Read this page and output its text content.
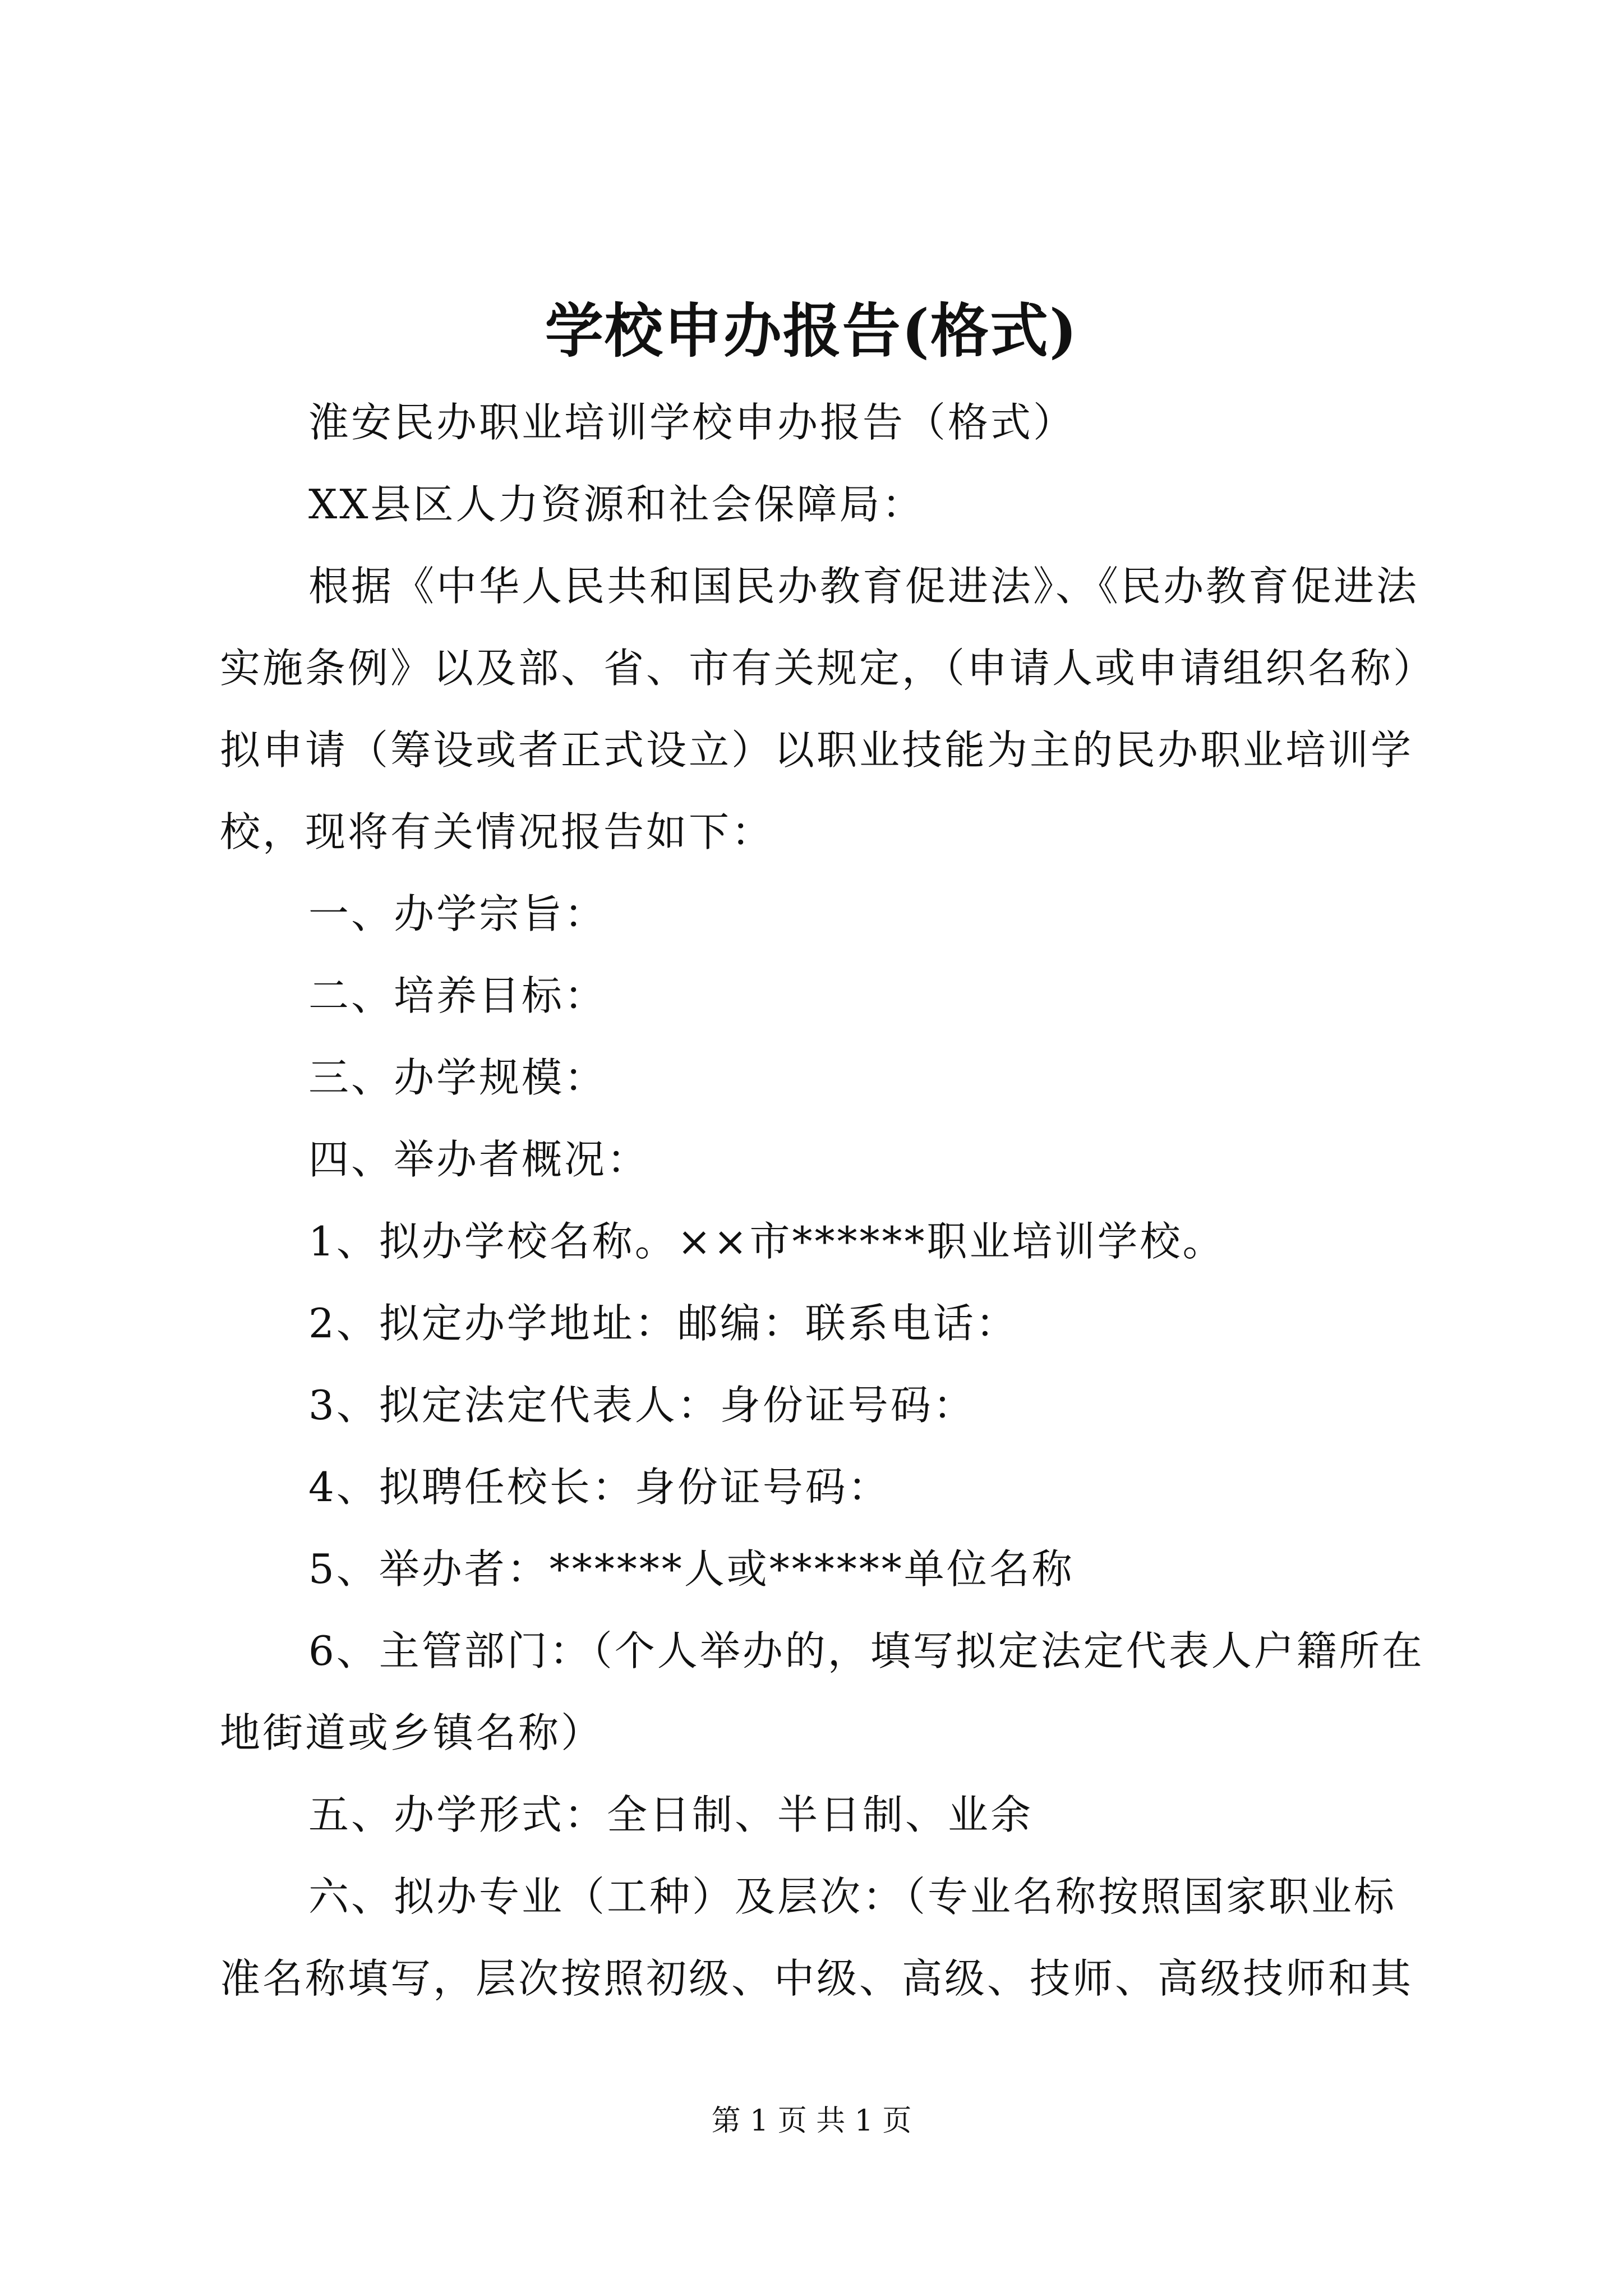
学校申办报告(格式)

淮安民办职业培训学校申办报告（格式）

XX县区人力资源和社会保障局：

根据《中华人民共和国民办教育促进法》、《民办教育促进法

实施条例》以及部、省、市有关规定，（申请人或申请组织名称）

拟申请（筹设或者正式设立）以职业技能为主的民办职业培训学

校，现将有关情况报告如下：

一、办学宗旨：

二、培养目标：

三、办学规模：

四、举办者概况：

1、拟办学校名称。××市******职业培训学校。

2、拟定办学地址：邮编：联系电话：

3、拟定法定代表人：身份证号码：

4、拟聘任校长：身份证号码：

5、举办者：******人或******单位名称

6、主管部门：（个人举办的，填写拟定法定代表人户籍所在

地街道或乡镇名称）

五、办学形式：全日制、半日制、业余

六、拟办专业（工种）及层次：（专业名称按照国家职业标

准名称填写，层次按照初级、中级、高级、技师、高级技师和其

第 1 页 共 1 页
